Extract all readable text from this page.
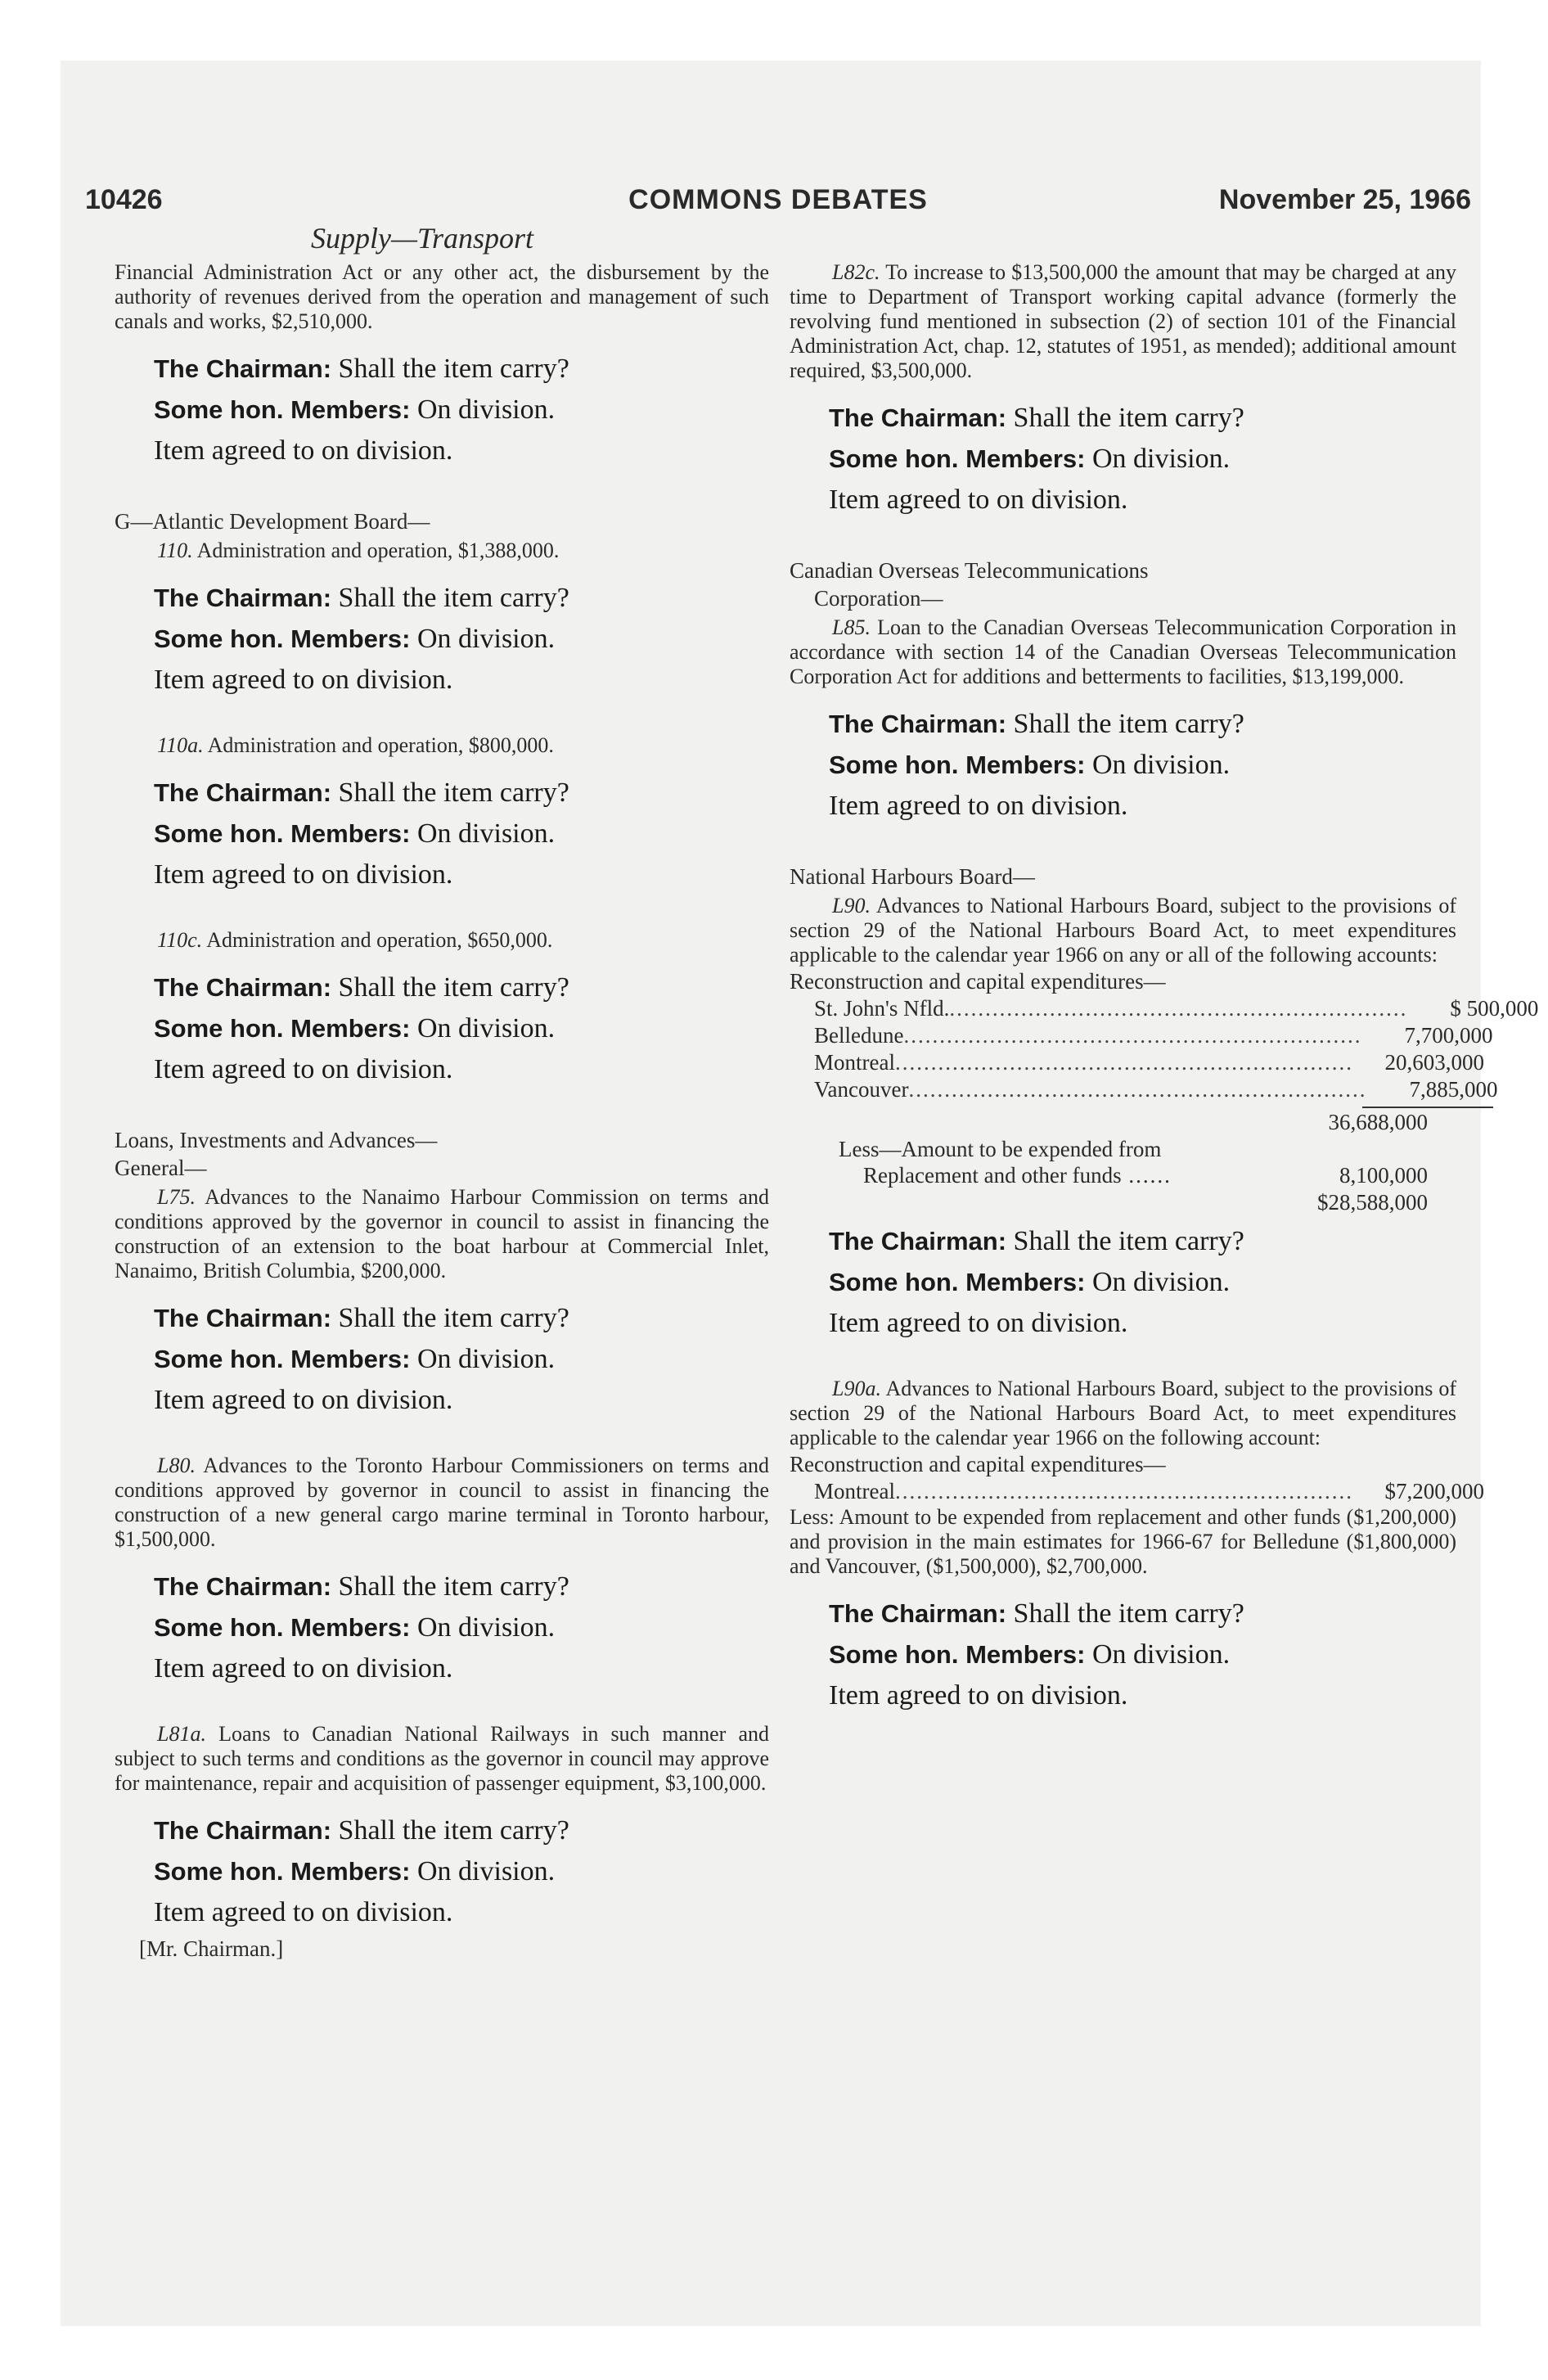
10426	COMMONS DEBATES	November 25, 1966
Supply—Transport

Financial Administration Act or any other act, the disbursement by the authority of revenues derived from the operation and management of such canals and works, $2,510,000.

The Chairman: Shall the item carry?

Some hon. Members: On division.

Item agreed to on division.

G—Atlantic Development Board—

110. Administration and operation, $1,388,000.

The Chairman: Shall the item carry?

Some hon. Members: On division.

Item agreed to on division.

110a. Administration and operation, $800,000.

The Chairman: Shall the item carry?

Some hon. Members: On division.

Item agreed to on division.

110c. Administration and operation, $650,000.

The Chairman: Shall the item carry?

Some hon. Members: On division.

Item agreed to on division.

Loans, Investments and Advances—
General—

L75. Advances to the Nanaimo Harbour Commission on terms and conditions approved by the governor in council to assist in financing the construction of an extension to the boat harbour at Commercial Inlet, Nanaimo, British Columbia, $200,000.

The Chairman: Shall the item carry?

Some hon. Members: On division.

Item agreed to on division.

L80. Advances to the Toronto Harbour Commissioners on terms and conditions approved by governor in council to assist in financing the construction of a new general cargo marine terminal in Toronto harbour, $1,500,000.

The Chairman: Shall the item carry?

Some hon. Members: On division.

Item agreed to on division.

L81a. Loans to Canadian National Railways in such manner and subject to such terms and conditions as the governor in council may approve for maintenance, repair and acquisition of passenger equipment, $3,100,000.

The Chairman: Shall the item carry?

Some hon. Members: On division.

Item agreed to on division.

[Mr. Chairman.]

L82c. To increase to $13,500,000 the amount that may be charged at any time to Department of Transport working capital advance (formerly the revolving fund mentioned in subsection (2) of section 101 of the Financial Administration Act, chap. 12, statutes of 1951, as mended); additional amount required, $3,500,000.

The Chairman: Shall the item carry?

Some hon. Members: On division.

Item agreed to on division.

Canadian Overseas Telecommunications
Corporation—

L85. Loan to the Canadian Overseas Telecommunication Corporation in accordance with section 14 of the Canadian Overseas Telecommunication Corporation Act for additions and betterments to facilities, $13,199,000.

The Chairman: Shall the item carry?

Some hon. Members: On division.

Item agreed to on division.

National Harbours Board—

L90. Advances to National Harbours Board, subject to the provisions of section 29 of the National Harbours Board Act, to meet expenditures applicable to the calendar year 1966 on any or all of the following accounts:

Reconstruction and capital expenditures—

St. John's Nfld. ................................................................	$ 500,000
Belledune ................................................................	7,700,000
Montreal ................................................................	20,603,000
Vancouver ................................................................	7,885,000
36,688,000
Less—Amount to be expended from
Replacement and other funds ......	8,100,000
$28,588,000

The Chairman: Shall the item carry?

Some hon. Members: On division.

Item agreed to on division.

L90a. Advances to National Harbours Board, subject to the provisions of section 29 of the National Harbours Board Act, to meet expenditures applicable to the calendar year 1966 on the following account:

Reconstruction and capital expenditures—

Montreal ................................................................	$7,200,000

Less: Amount to be expended from replacement and other funds ($1,200,000) and provision in the main estimates for 1966-67 for Belledune ($1,800,000) and Vancouver, ($1,500,000), $2,700,000.

The Chairman: Shall the item carry?

Some hon. Members: On division.

Item agreed to on division.
